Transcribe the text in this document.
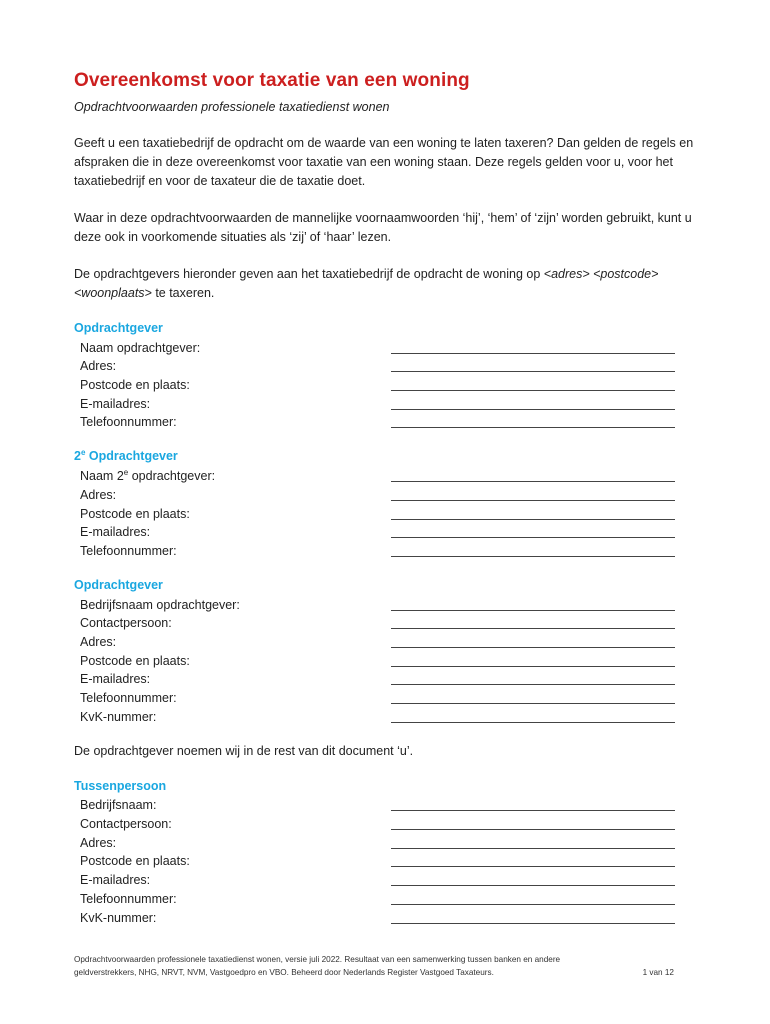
Overeenkomst voor taxatie van een woning
Opdrachtvoorwaarden professionele taxatiedienst wonen

Geeft u een taxatiebedrijf de opdracht om de waarde van een woning te laten taxeren? Dan gelden de regels en afspraken die in deze overeenkomst voor taxatie van een woning staan. Deze regels gelden voor u, voor het taxatiebedrijf en voor de taxateur die de taxatie doet.

Waar in deze opdrachtvoorwaarden de mannelijke voornaamwoorden ‘hij’, ‘hem’ of ‘zijn’ worden gebruikt, kunt u deze ook in voorkomende situaties als ‘zij’ of ‘haar’ lezen.

De opdrachtgevers hieronder geven aan het taxatiebedrijf de opdracht de woning op <adres> <postcode>
<woonplaats> te taxeren.

Opdrachtgever
Naam opdrachtgever:
Adres:
Postcode en plaats:
E-mailadres:
Telefoonnummer:
2e Opdrachtgever
Naam 2e opdrachtgever:
Adres:
Postcode en plaats:
E-mailadres:
Telefoonnummer:
Opdrachtgever
Bedrijfsnaam opdrachtgever:
Contactpersoon:
Adres:
Postcode en plaats:
E-mailadres:
Telefoonnummer:
KvK-nummer:

De opdrachtgever noemen wij in de rest van dit document ‘u’.

Tussenpersoon
Bedrijfsnaam:
Contactpersoon:
Adres:
Postcode en plaats:
E-mailadres:
Telefoonnummer:
KvK-nummer:
Opdrachtvoorwaarden professionele taxatiedienst wonen, versie juli 2022. Resultaat van een samenwerking tussen banken en andere
geldverstrekkers, NHG, NRVT, NVM, Vastgoedpro en VBO. Beheerd door Nederlands Register Vastgoed Taxateurs.	1 van 12
